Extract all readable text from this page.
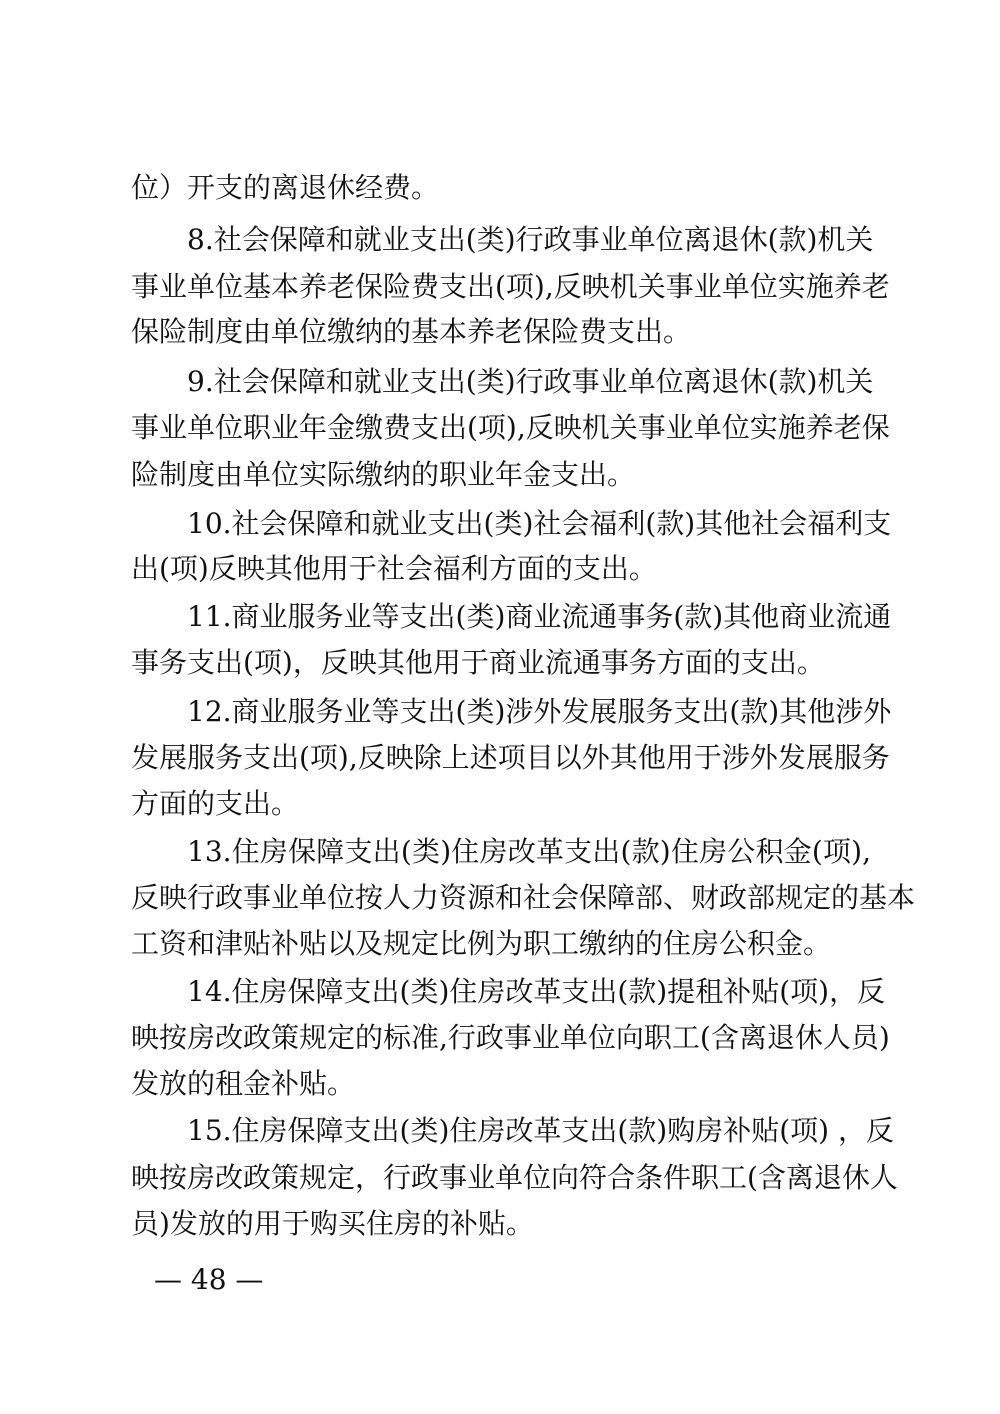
位）开支的离退休经费。
8.社会保障和就业支出(类)行政事业单位离退休(款)机关
事业单位基本养老保险费支出(项),反映机关事业单位实施养老
保险制度由单位缴纳的基本养老保险费支出。
9.社会保障和就业支出(类)行政事业单位离退休(款)机关
事业单位职业年金缴费支出(项),反映机关事业单位实施养老保
险制度由单位实际缴纳的职业年金支出。
10.社会保障和就业支出(类)社会福利(款)其他社会福利支
出(项)反映其他用于社会福利方面的支出。
11.商业服务业等支出(类)商业流通事务(款)其他商业流通
事务支出(项)，反映其他用于商业流通事务方面的支出。
12.商业服务业等支出(类)涉外发展服务支出(款)其他涉外
发展服务支出(项),反映除上述项目以外其他用于涉外发展服务
方面的支出。
13.住房保障支出(类)住房改革支出(款)住房公积金(项),
反映行政事业单位按人力资源和社会保障部、财政部规定的基本
工资和津贴补贴以及规定比例为职工缴纳的住房公积金。
14.住房保障支出(类)住房改革支出(款)提租补贴(项)，反
映按房改政策规定的标准,行政事业单位向职工(含离退休人员)
发放的租金补贴。
15.住房保障支出(类)住房改革支出(款)购房补贴(项) ，反
映按房改政策规定，行政事业单位向符合条件职工(含离退休人
员)发放的用于购买住房的补贴。
— 48 —
